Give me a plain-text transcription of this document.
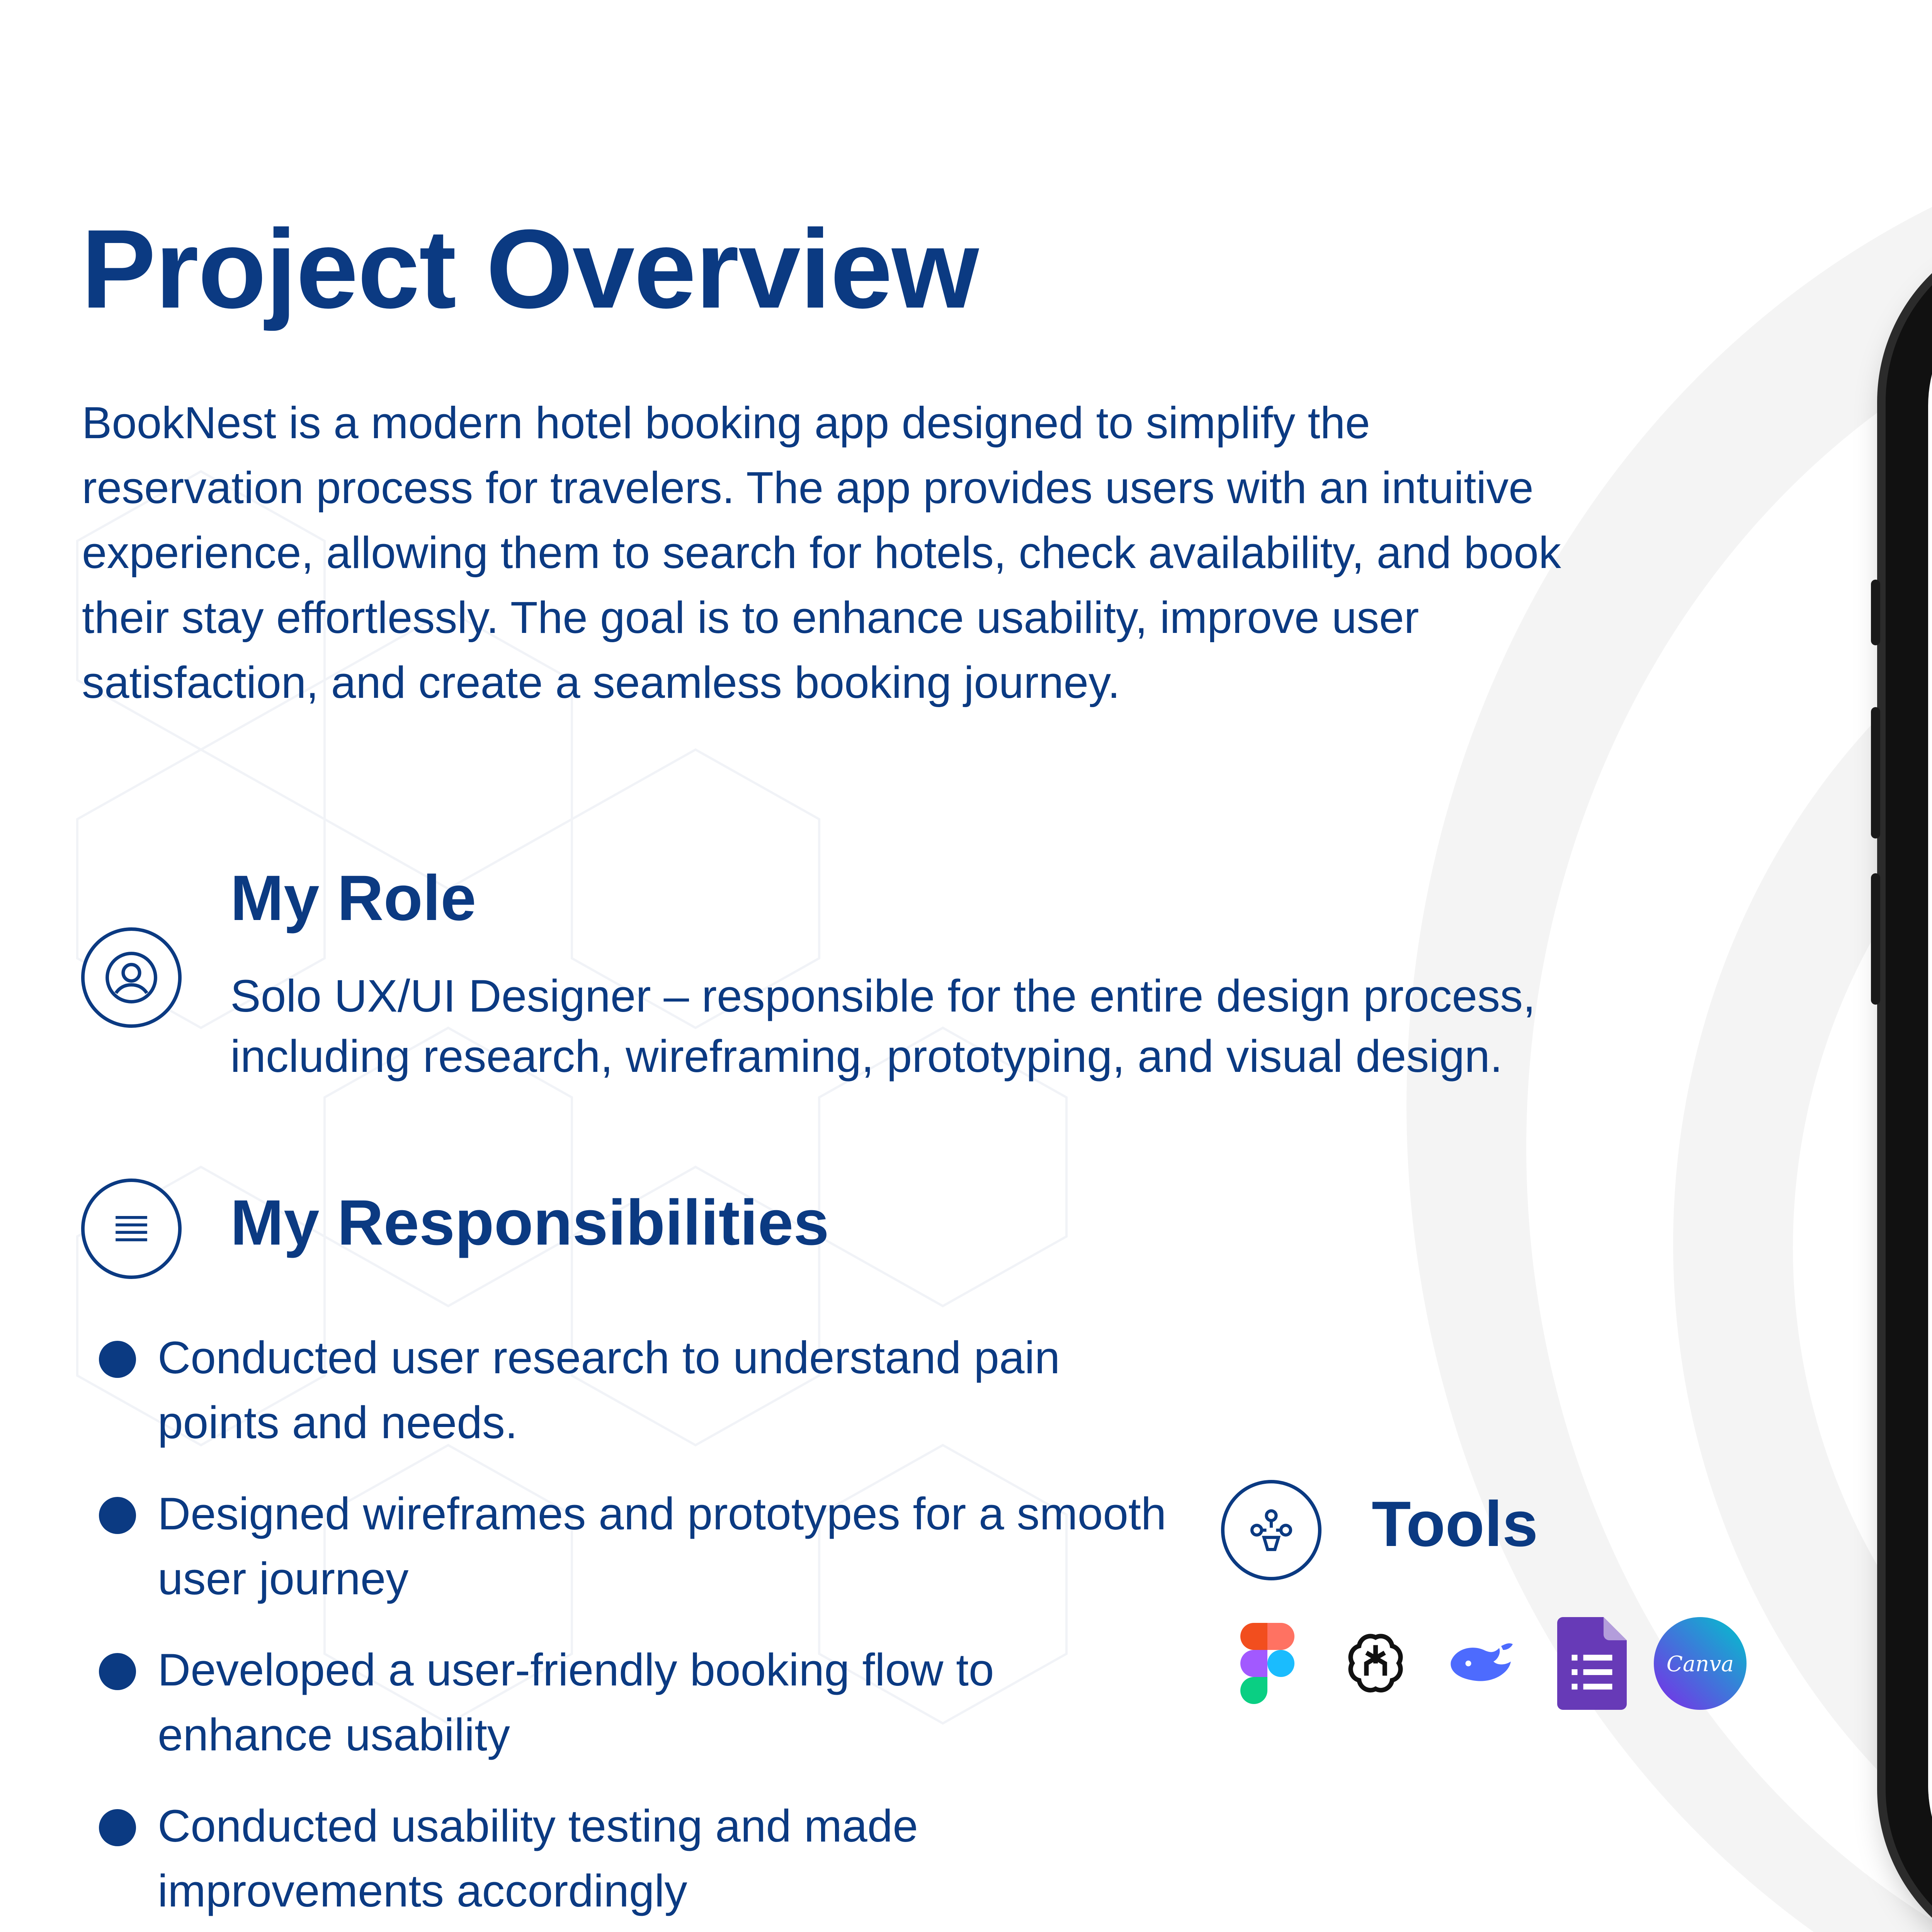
Project Overview

BookNest is a modern hotel booking app designed to simplify the reservation process for travelers. The app provides users with an intuitive experience, allowing them to search for hotels, check availability, and book their stay effortlessly. The goal is to enhance usability, improve user satisfaction, and create a seamless booking journey.

My Role

Solo UX/UI Designer – responsible for the entire design process, including research, wireframing, prototyping, and visual design.

My Responsibilities
Conducted user research to understand pain points and needs.
Designed wireframes and prototypes for a smooth user journey
Developed a user-friendly booking flow to enhance usability
Conducted usability testing and made improvements accordingly
Tools
Canva
